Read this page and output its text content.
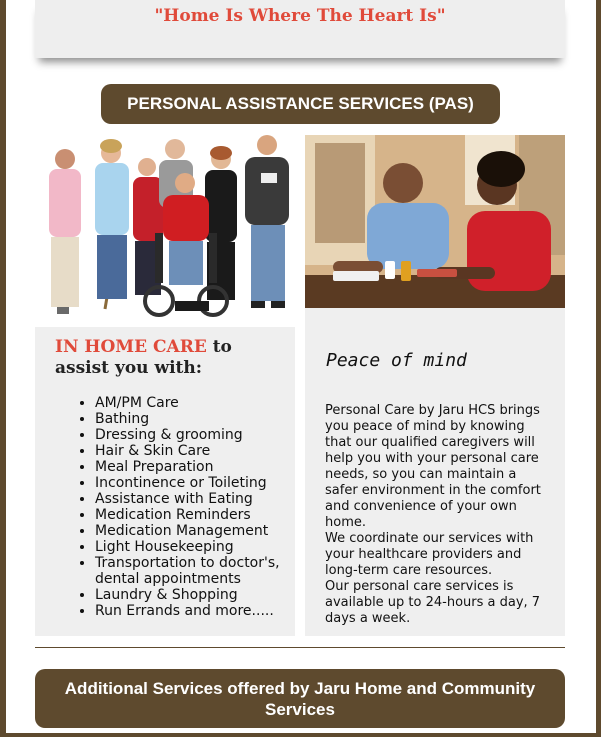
"Home Is Where The Heart Is"
PERSONAL ASSISTANCE SERVICES (PAS)
IN HOME CARE to assist you with:
• AM/PM Care
• Bathing
• Dressing & grooming
• Hair & Skin Care
• Meal Preparation
• Incontinence or Toileting
• Assistance with Eating
• Medication Reminders
• Medication Management
• Light Housekeeping
• Transportation to doctor's, dental appointments
• Laundry & Shopping
• Run Errands and more.....
Peace of mind

Personal Care by Jaru HCS brings you peace of mind by knowing that our qualified caregivers will help you with your personal care needs, so you can maintain a safer environment in the comfort and convenience of your own home.

We coordinate our services with your healthcare providers and long-term care resources.

Our personal care services is available up to 24-hours a day, 7 days a week.

Additional Services offered by Jaru Home and Community Services
